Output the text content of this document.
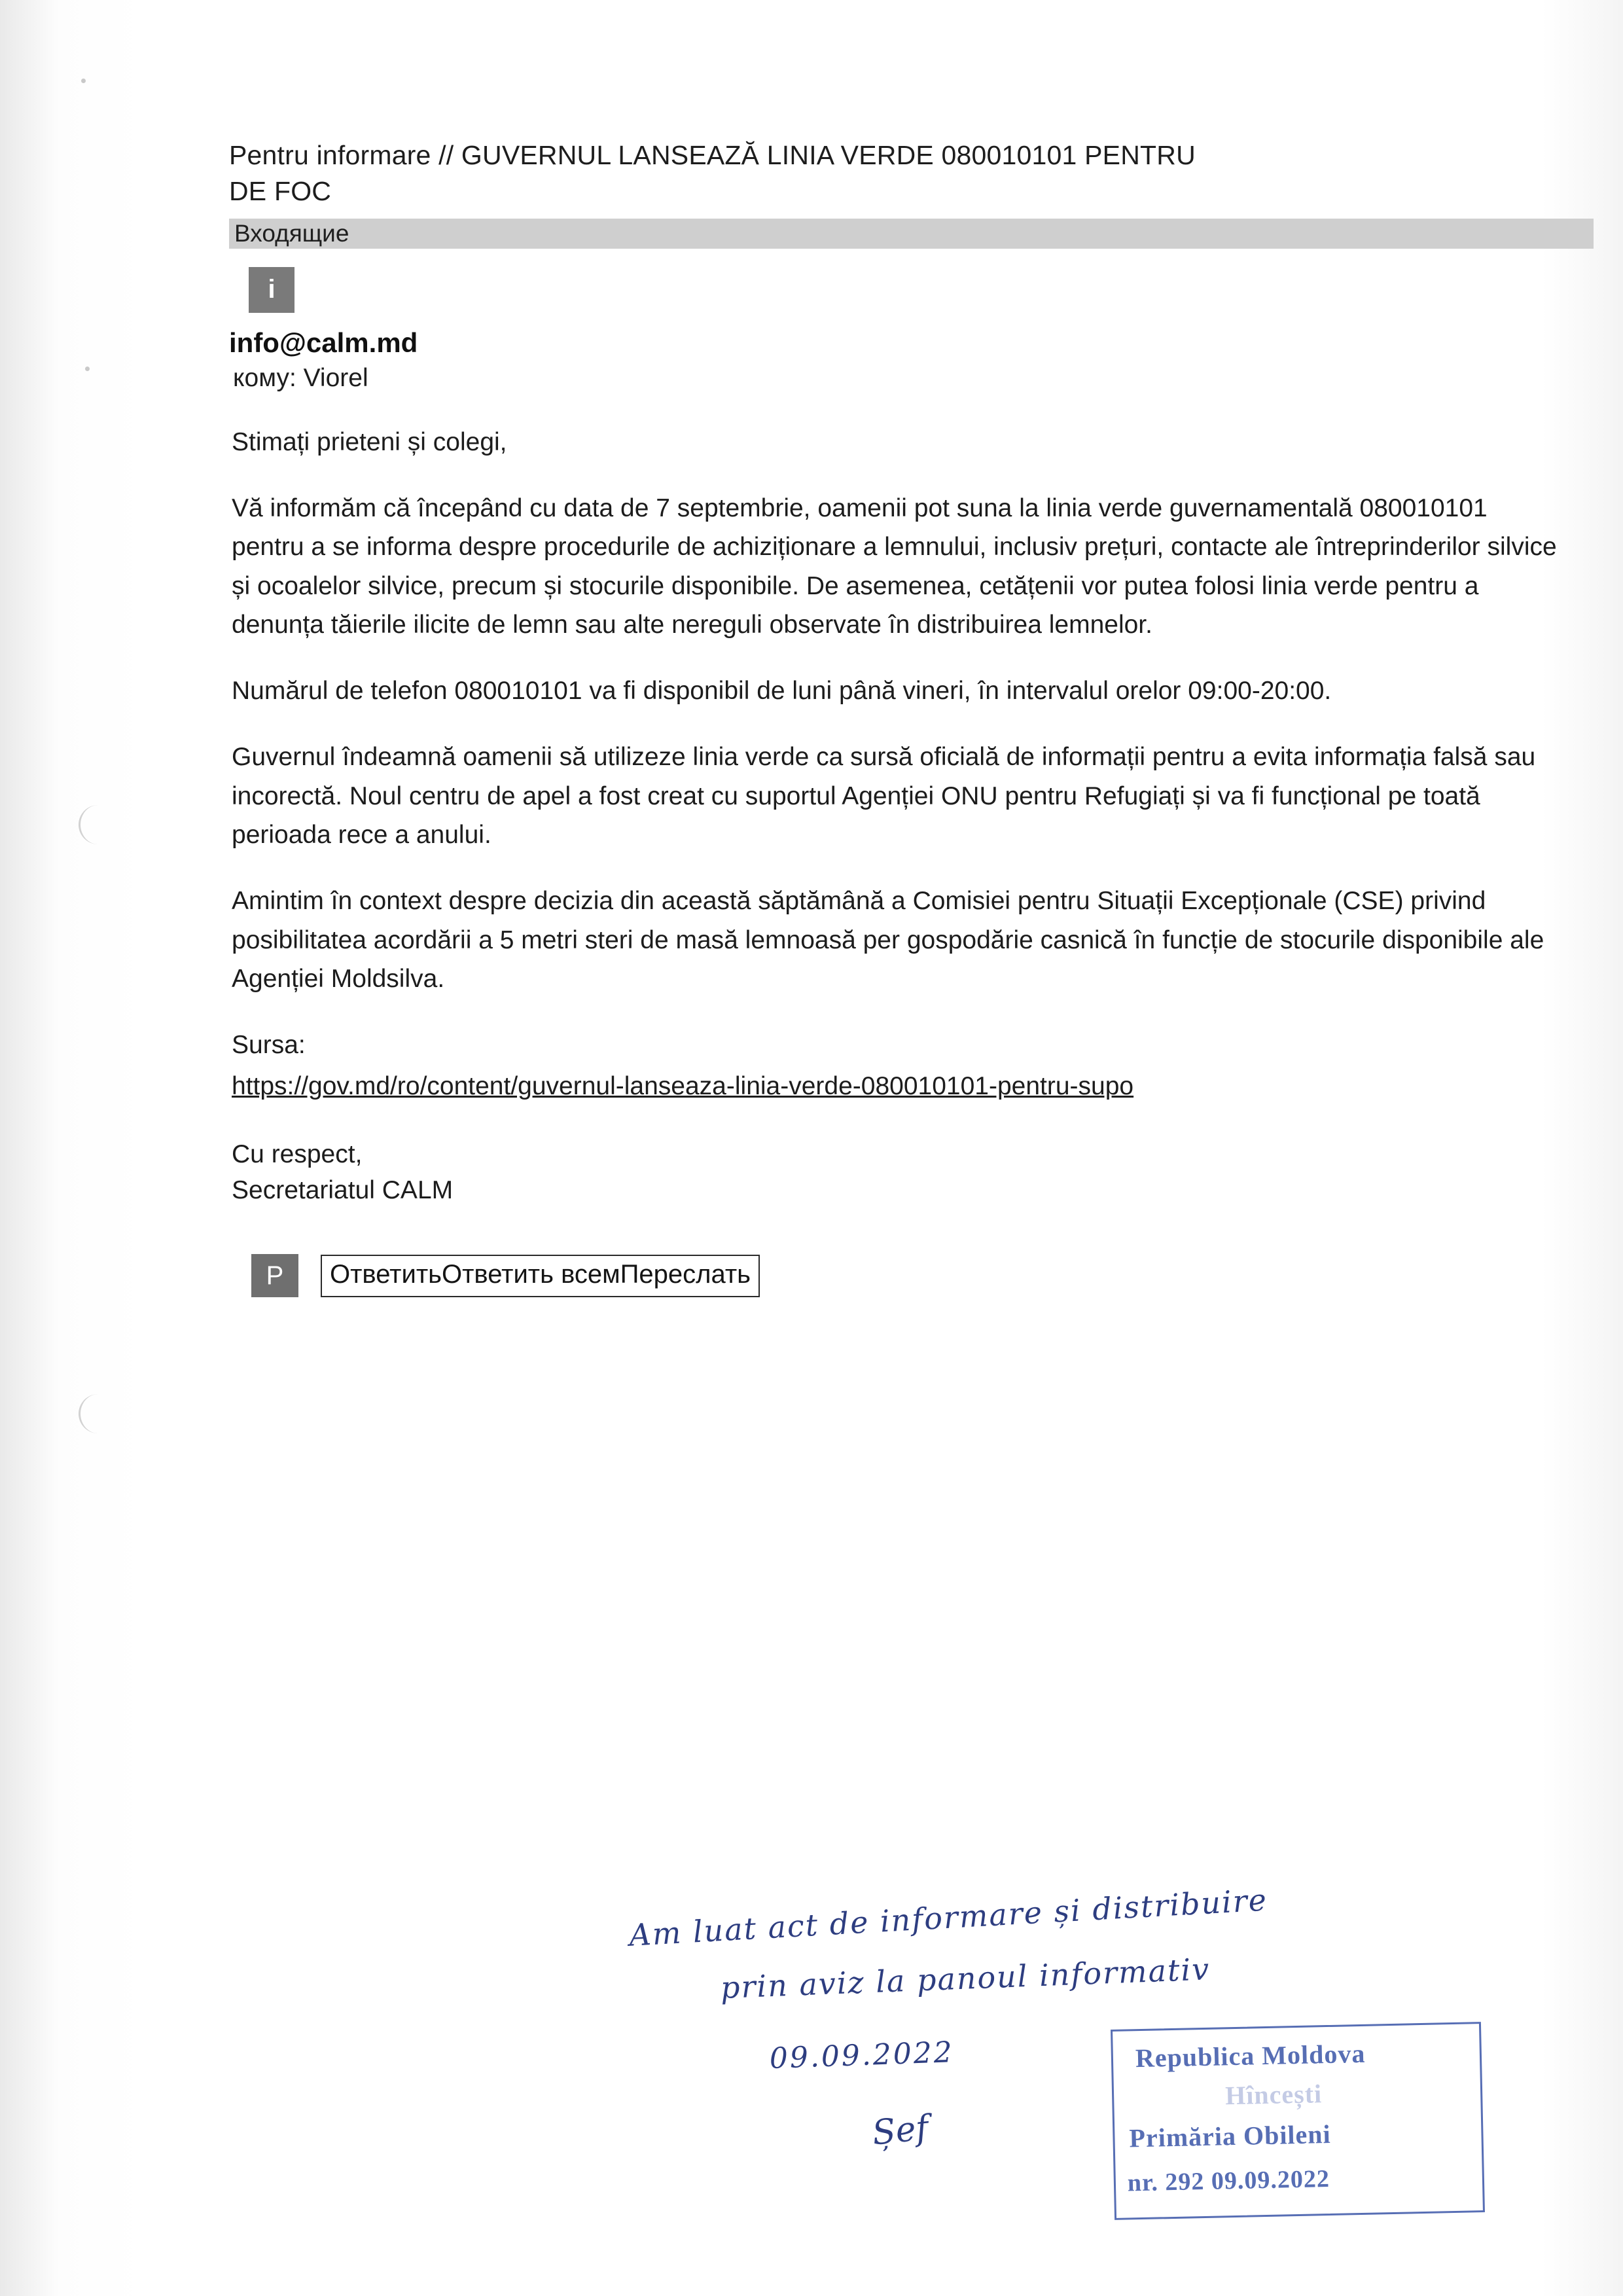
Pentru informare // GUVERNUL LANSEAZĂ LINIA VERDE 080010101 PENTRU
DE FOC
Входящие
i
info@calm.md
кому: Viorel
Stimați prieteni și colegi,
Vă informăm că începând cu data de 7 septembrie, oamenii pot suna la linia verde guvernamentală 080010101 pentru a se informa despre procedurile de achiziționare a lemnului, inclusiv prețuri, contacte ale întreprinderilor silvice și ocoalelor silvice, precum și stocurile disponibile. De asemenea, cetățenii vor putea folosi linia verde pentru a denunța tăierile ilicite de lemn sau alte nereguli observate în distribuirea lemnelor.
Numărul de telefon 080010101 va fi disponibil de luni până vineri, în intervalul orelor 09:00-20:00.
Guvernul îndeamnă oamenii să utilizeze linia verde ca sursă oficială de informații pentru a evita informația falsă sau incorectă. Noul centru de apel a fost creat cu suportul Agenției ONU pentru Refugiați și va fi funcțional pe toată perioada rece a anului.
Amintim în context despre decizia din această săptămână a Comisiei pentru Situații Excepționale (CSE) privind posibilitatea acordării a 5 metri steri de masă lemnoasă per gospodărie casnică în funcție de stocurile disponibile ale Agenției Moldsilva.
Sursa:
https://gov.md/ro/content/guvernul-lanseaza-linia-verde-080010101-pentru-supo
Cu respect,
Secretariatul CALM
P	Ответить Ответить всем Переслать
Am luat act de informare și distribuire
prin aviz la panoul informativ
09.09.2022
Șef
Republica Moldova
Hîncești
Primăria Obileni
nr. 292 09.09.2022
